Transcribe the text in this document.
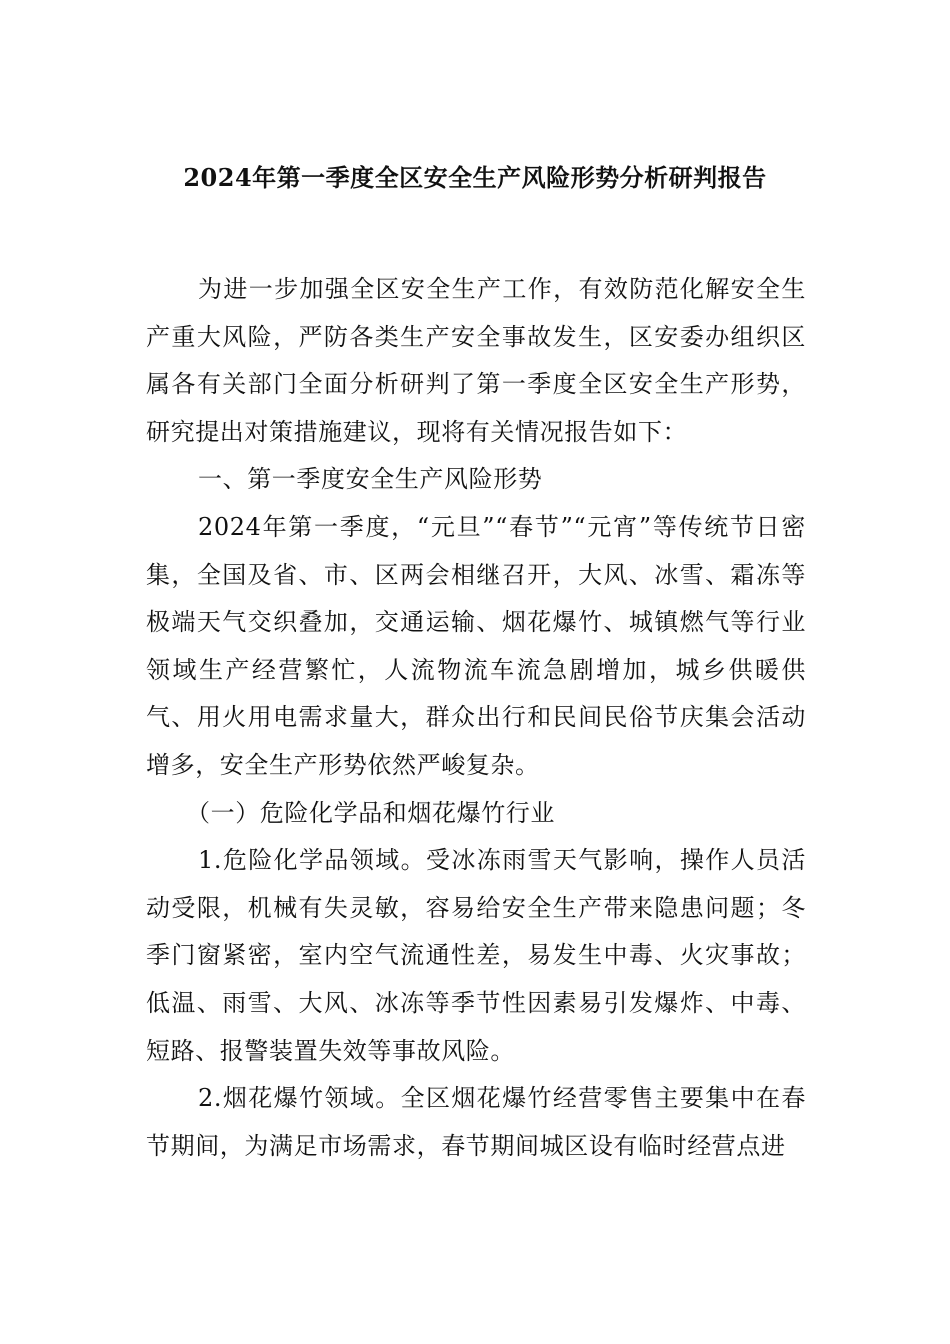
2024年第一季度全区安全生产风险形势分析研判报告

为进一步加强全区安全生产工作，有效防范化解安全生产重大风险，严防各类生产安全事故发生，区安委办组织区属各有关部门全面分析研判了第一季度全区安全生产形势，研究提出对策措施建议，现将有关情况报告如下：

一、第一季度安全生产风险形势

2024年第一季度，“元旦”“春节”“元宵”等传统节日密集，全国及省、市、区两会相继召开，大风、冰雪、霜冻等极端天气交织叠加，交通运输、烟花爆竹、城镇燃气等行业领域生产经营繁忙，人流物流车流急剧增加，城乡供暖供气、用火用电需求量大，群众出行和民间民俗节庆集会活动增多，安全生产形势依然严峻复杂。

（一）危险化学品和烟花爆竹行业

1.危险化学品领域。受冰冻雨雪天气影响，操作人员活动受限，机械有失灵敏，容易给安全生产带来隐患问题；冬季门窗紧密，室内空气流通性差，易发生中毒、火灾事故；低温、雨雪、大风、冰冻等季节性因素易引发爆炸、中毒、短路、报警装置失效等事故风险。

2.烟花爆竹领域。全区烟花爆竹经营零售主要集中在春节期间，为满足市场需求，春节期间城区设有临时经营点进
